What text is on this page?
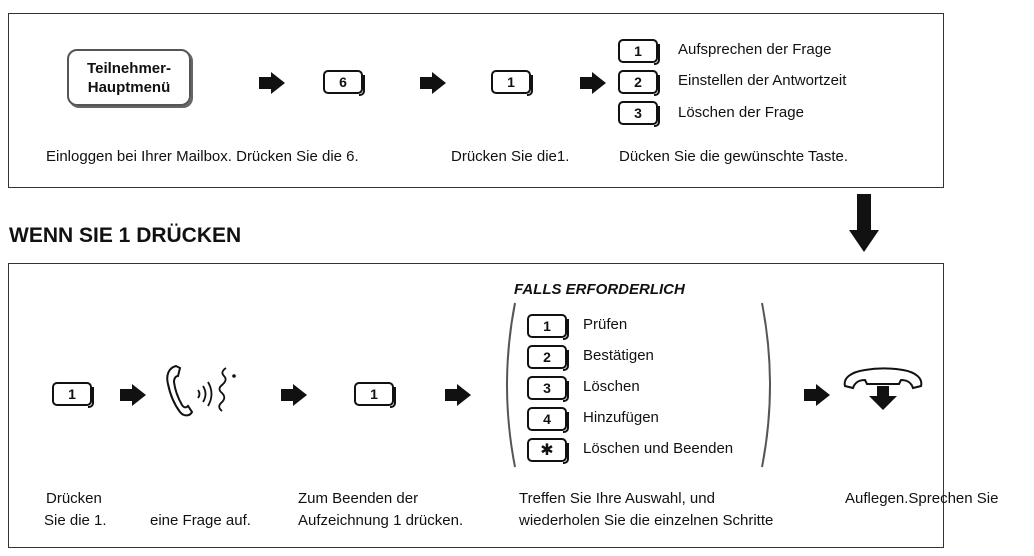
Teilnehmer-
Hauptmenü	6	1
1 Aufsprechen der Frage
2 Einstellen der Antwortzeit
3 Löschen der Frage
Einloggen bei Ihrer Mailbox. Drücken Sie die 6.	Drücken Sie die1.	Dücken Sie die gewünschte Taste.
WENN SIE 1 DRÜCKEN
1	1
FALLS ERFORDERLICH
1 Prüfen
2 Bestätigen
3 Löschen
4 Hinzufügen
✱ Löschen und Beenden
Drücken
Sie die 1.	eine Frage auf.
Zum Beenden der
Aufzeichnung 1 drücken.
Treffen Sie Ihre Auswahl, und
wiederholen Sie die einzelnen Schritte
Auflegen.Sprechen Sie
